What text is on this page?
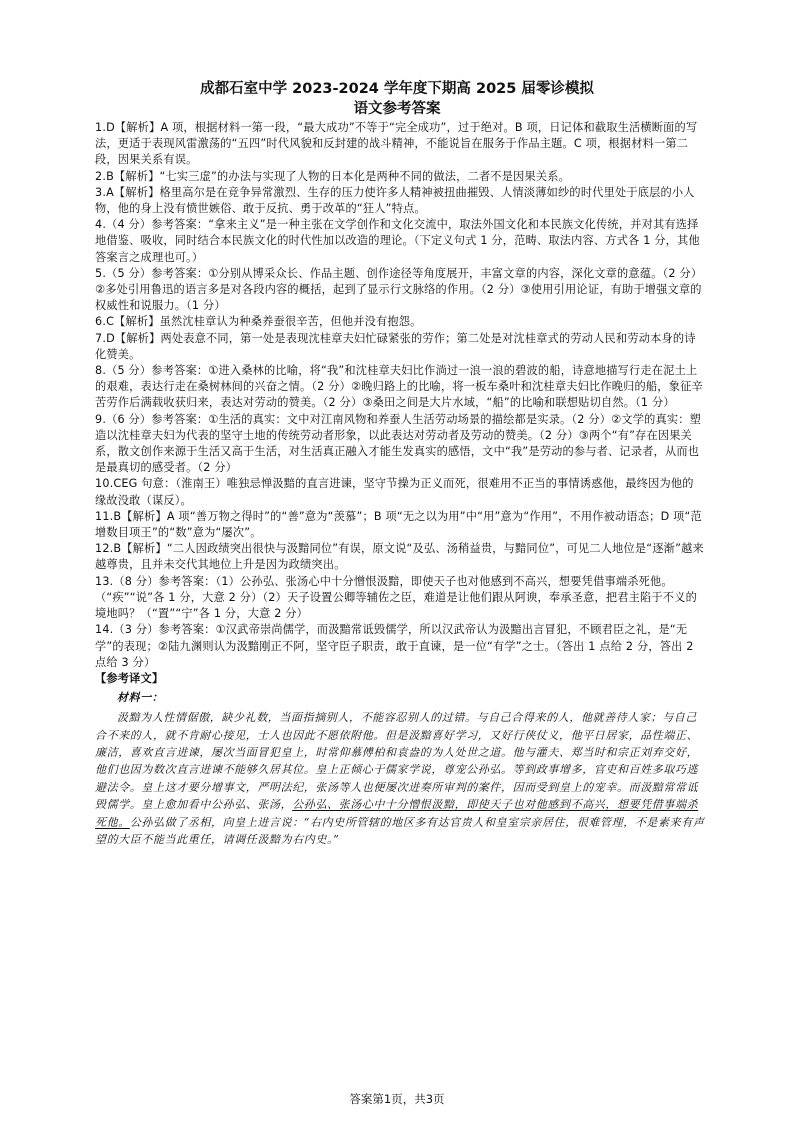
成都石室中学 2023-2024 学年度下期高 2025 届零诊模拟
语文参考答案

1.D【解析】A 项，根据材料一第一段，“最大成功”不等于“完全成功”，过于绝对。B 项，日记体和截取生活横断面的写法，更适于表现风雷激荡的“五四”时代风貌和反封建的战斗精神，不能说旨在服务于作品主题。C 项，根据材料一第二段，因果关系有误。

2.B【解析】“七实三虚”的办法与实现了人物的日本化是两种不同的做法，二者不是因果关系。

3.A【解析】格里高尔是在竞争异常激烈、生存的压力使许多人精神被扭曲摧毁、人情淡薄如纱的时代里处于底层的小人物，他的身上没有愤世嫉俗、敢于反抗、勇于改革的“狂人”特点。

4.（4 分）参考答案：“拿来主义”是一种主张在文学创作和文化交流中，取法外国文化和本民族文化传统，并对其有选择地借鉴、吸收，同时结合本民族文化的时代性加以改造的理论。（下定义句式 1 分，范畴、取法内容、方式各 1 分，其他答案言之成理也可。）

5.（5 分）参考答案：①分别从博采众长、作品主题、创作途径等角度展开，丰富文章的内容，深化文章的意蕴。（2 分）②多处引用鲁迅的语言多是对各段内容的概括，起到了显示行文脉络的作用。（2 分）③使用引用论证，有助于增强文章的权威性和说服力。（1 分）

6.C【解析】虽然沈桂章认为种桑养蚕很辛苦，但他并没有抱怨。

7.D【解析】两处表意不同，第一处是表现沈桂章夫妇忙碌紧张的劳作；第二处是对沈桂章式的劳动人民和劳动本身的诗化赞美。

8.（5 分）参考答案：①进入桑林的比喻，将“我”和沈桂章夫妇比作淌过一浪一浪的碧波的船，诗意地描写行走在泥土上的艰难，表达行走在桑树林间的兴奋之情。（2 分）②晚归路上的比喻，将一板车桑叶和沈桂章夫妇比作晚归的船，象征辛苦劳作后满载收获归来，表达对劳动的赞美。（2 分）③桑田之间是大片水域，“船”的比喻和联想贴切自然。（1 分）

9.（6 分）参考答案：①生活的真实：文中对江南风物和养蚕人生活劳动场景的描绘都是实录。（2 分）②文学的真实：塑造以沈桂章夫妇为代表的坚守土地的传统劳动者形象，以此表达对劳动者及劳动的赞美。（2 分）③两个“有”存在因果关系，散文创作来源于生活又高于生活，对生活真正融入才能生发真实的感悟，文中“我”是劳动的参与者、记录者，从而也是最真切的感受者。（2 分）

10.CEG 句意：（淮南王）唯独忌惮汲黯的直言进谏，坚守节操为正义而死，很难用不正当的事情诱惑他，最终因为他的缘故没敢（谋反）。

11.B【解析】A 项“善万物之得时”的“善”意为“羡慕”；B 项“无之以为用”中“用”意为“作用”，不用作被动语态；D 项“范增数目项王”的“数”意为“屡次”。

12.B【解析】“二人因政绩突出很快与汲黯同位”有误，原文说“及弘、汤稍益贵，与黯同位”，可见二人地位是“逐渐”越来越尊贵，且并未交代其地位上升是因为政绩突出。

13.（8 分）参考答案：（1）公孙弘、张汤心中十分憎恨汲黯，即使天子也对他感到不高兴，想要凭借事端杀死他。（“疾”“说”各 1 分，大意 2 分）（2）天子设置公卿等辅佐之臣，难道是让他们跟从阿谀，奉承圣意，把君主陷于不义的境地吗？（“置”“宁”各 1 分，大意 2 分）

14.（3 分）参考答案：①汉武帝崇尚儒学，而汲黯常诋毁儒学，所以汉武帝认为汲黯出言冒犯，不顾君臣之礼，是“无学”的表现；②陆九渊则认为汲黯刚正不阿，坚守臣子职责，敢于直谏，是一位“有学”之士。（答出 1 点给 2 分，答出 2 点给 3 分）

【参考译文】

材料一：

汲黯为人性情倨傲，缺少礼数，当面指摘别人，不能容忍别人的过错。与自己合得来的人，他就善待人家；与自己合不来的人，就不肯耐心接见，士人也因此不愿依附他。但是汲黯喜好学习，又好行侠仗义，他平日居家，品性端正、廉洁，喜欢直言进谏，屡次当面冒犯皇上，时常仰慕傅柏和袁盎的为人处世之道。他与灌夫、郑当时和宗正刘弃交好，他们也因为数次直言进谏不能够久居其位。皇上正倾心于儒家学说，尊宠公孙弘。等到政事增多，官吏和百姓多取巧逃避法令。皇上这才要分增事文，严明法纪，张汤等人也便屡次进奏所审判的案件，因而受到皇上的宠幸。而汲黯常常诋毁儒学。皇上愈加看中公孙弘、张汤，公孙弘、张汤心中十分憎恨汲黯，即使天子也对他感到不高兴，想要凭借事端杀死他。公孙弘做了丞相，向皇上进言说：“右内史所管辖的地区多有达官贵人和皇室宗亲居住，很难管理，不是素来有声望的大臣不能当此重任，请调任汲黯为右内史。”

答案第1页，共3页
